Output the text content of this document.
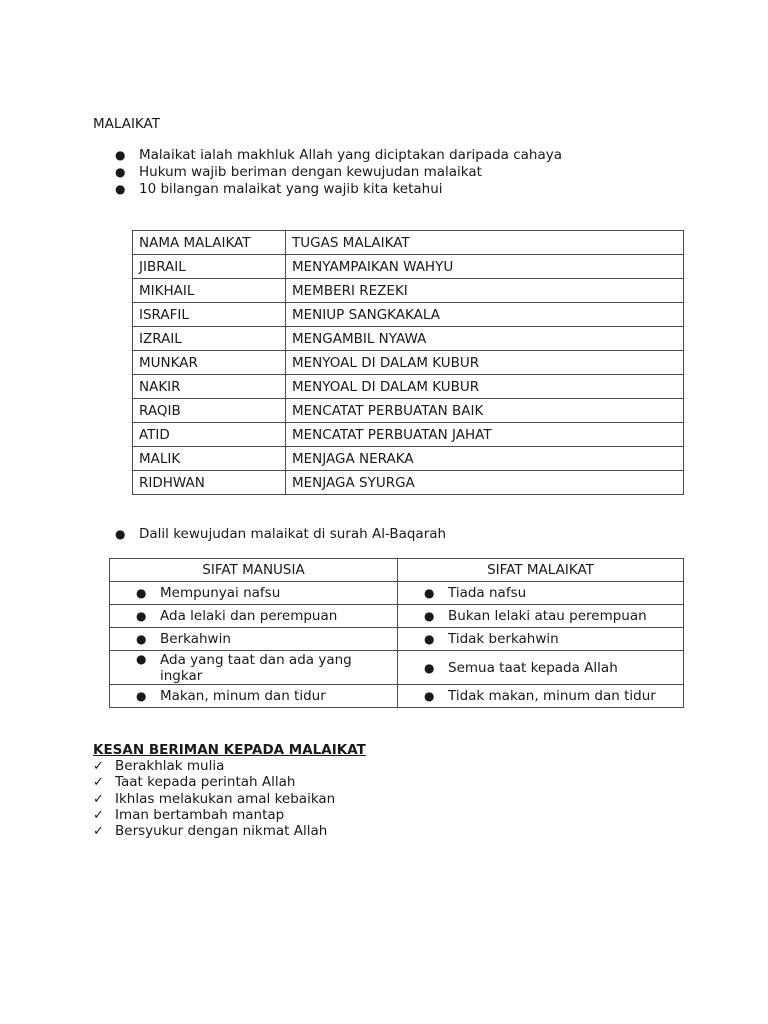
MALAIKAT
● Malaikat ialah makhluk Allah yang diciptakan daripada cahaya
● Hukum wajib beriman dengan kewujudan malaikat
● 10 bilangan malaikat yang wajib kita ketahui
NAMA MALAIKAT	TUGAS MALAIKAT
JIBRAIL	MENYAMPAIKAN WAHYU
MIKHAIL	MEMBERI REZEKI
ISRAFIL	MENIUP SANGKAKALA
IZRAIL	MENGAMBIL NYAWA
MUNKAR	MENYOAL DI DALAM KUBUR
NAKIR	MENYOAL DI DALAM KUBUR
RAQIB	MENCATAT PERBUATAN BAIK
ATID	MENCATAT PERBUATAN JAHAT
MALIK	MENJAGA NERAKA
RIDHWAN	MENJAGA SYURGA
● Dalil kewujudan malaikat di surah Al-Baqarah
SIFAT MANUSIA	SIFAT MALAIKAT

● Mempunyai nafsu	● Tiada nafsu

● Ada lelaki dan perempuan	● Bukan lelaki atau perempuan

● Berkahwin	● Tidak berkahwin

● Ada yang taat dan ada yang ingkar	● Semua taat kepada Allah

● Makan, minum dan tidur	● Tidak makan, minum dan tidur
KESAN BERIMAN KEPADA MALAIKAT
✓ Berakhlak mulia
✓ Taat kepada perintah Allah
✓ Ikhlas melakukan amal kebaikan
✓ Iman bertambah mantap
✓ Bersyukur dengan nikmat Allah
